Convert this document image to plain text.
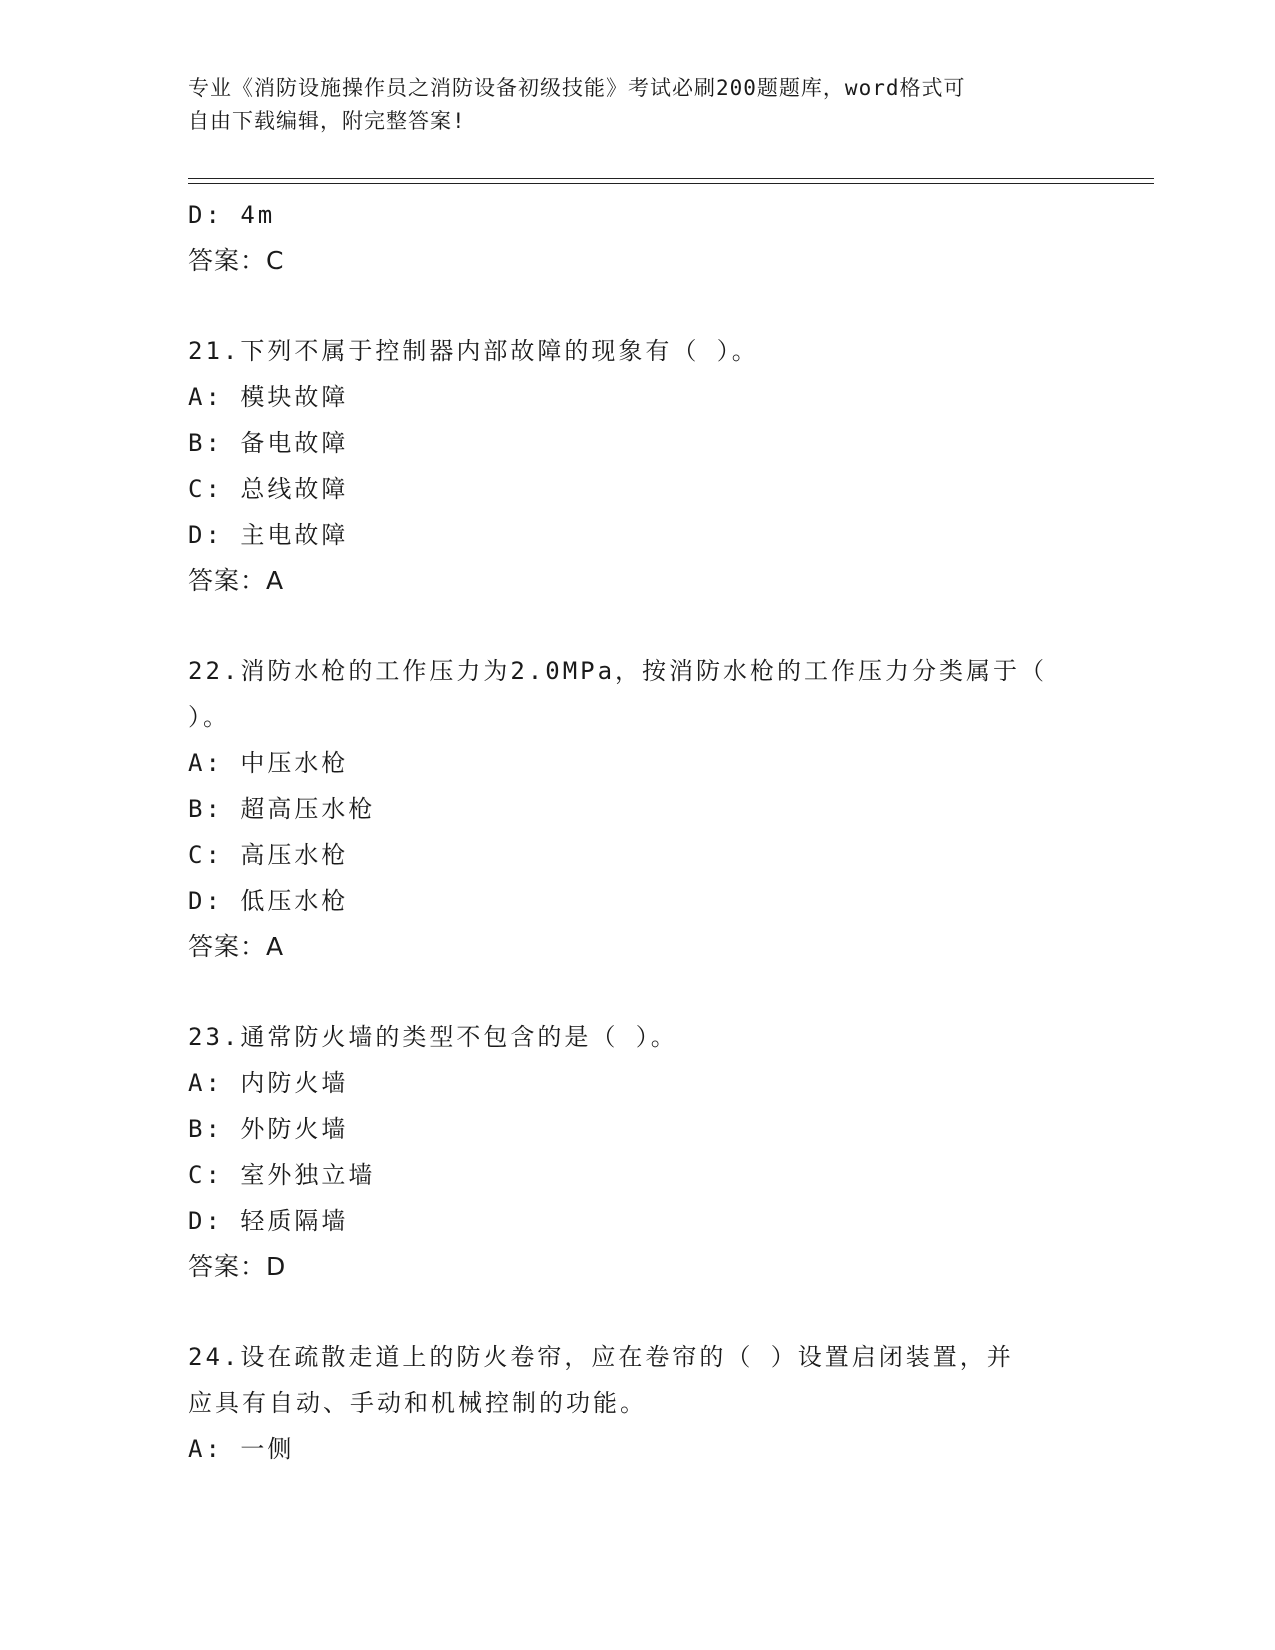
专业《消防设施操作员之消防设备初级技能》考试必刷200题题库，word格式可
自由下载编辑，附完整答案!
D: 4m
答案：C
21.下列不属于控制器内部故障的现象有（ ）。
A: 模块故障
B: 备电故障
C: 总线故障
D: 主电故障
答案：A
22.消防水枪的工作压力为2.0MPa，按消防水枪的工作压力分类属于（
）。
A: 中压水枪
B: 超高压水枪
C: 高压水枪
D: 低压水枪
答案：A
23.通常防火墙的类型不包含的是（ ）。
A: 内防火墙
B: 外防火墙
C: 室外独立墙
D: 轻质隔墙
答案：D
24.设在疏散走道上的防火卷帘，应在卷帘的（ ）设置启闭装置，并
应具有自动、手动和机械控制的功能。
A: 一侧
